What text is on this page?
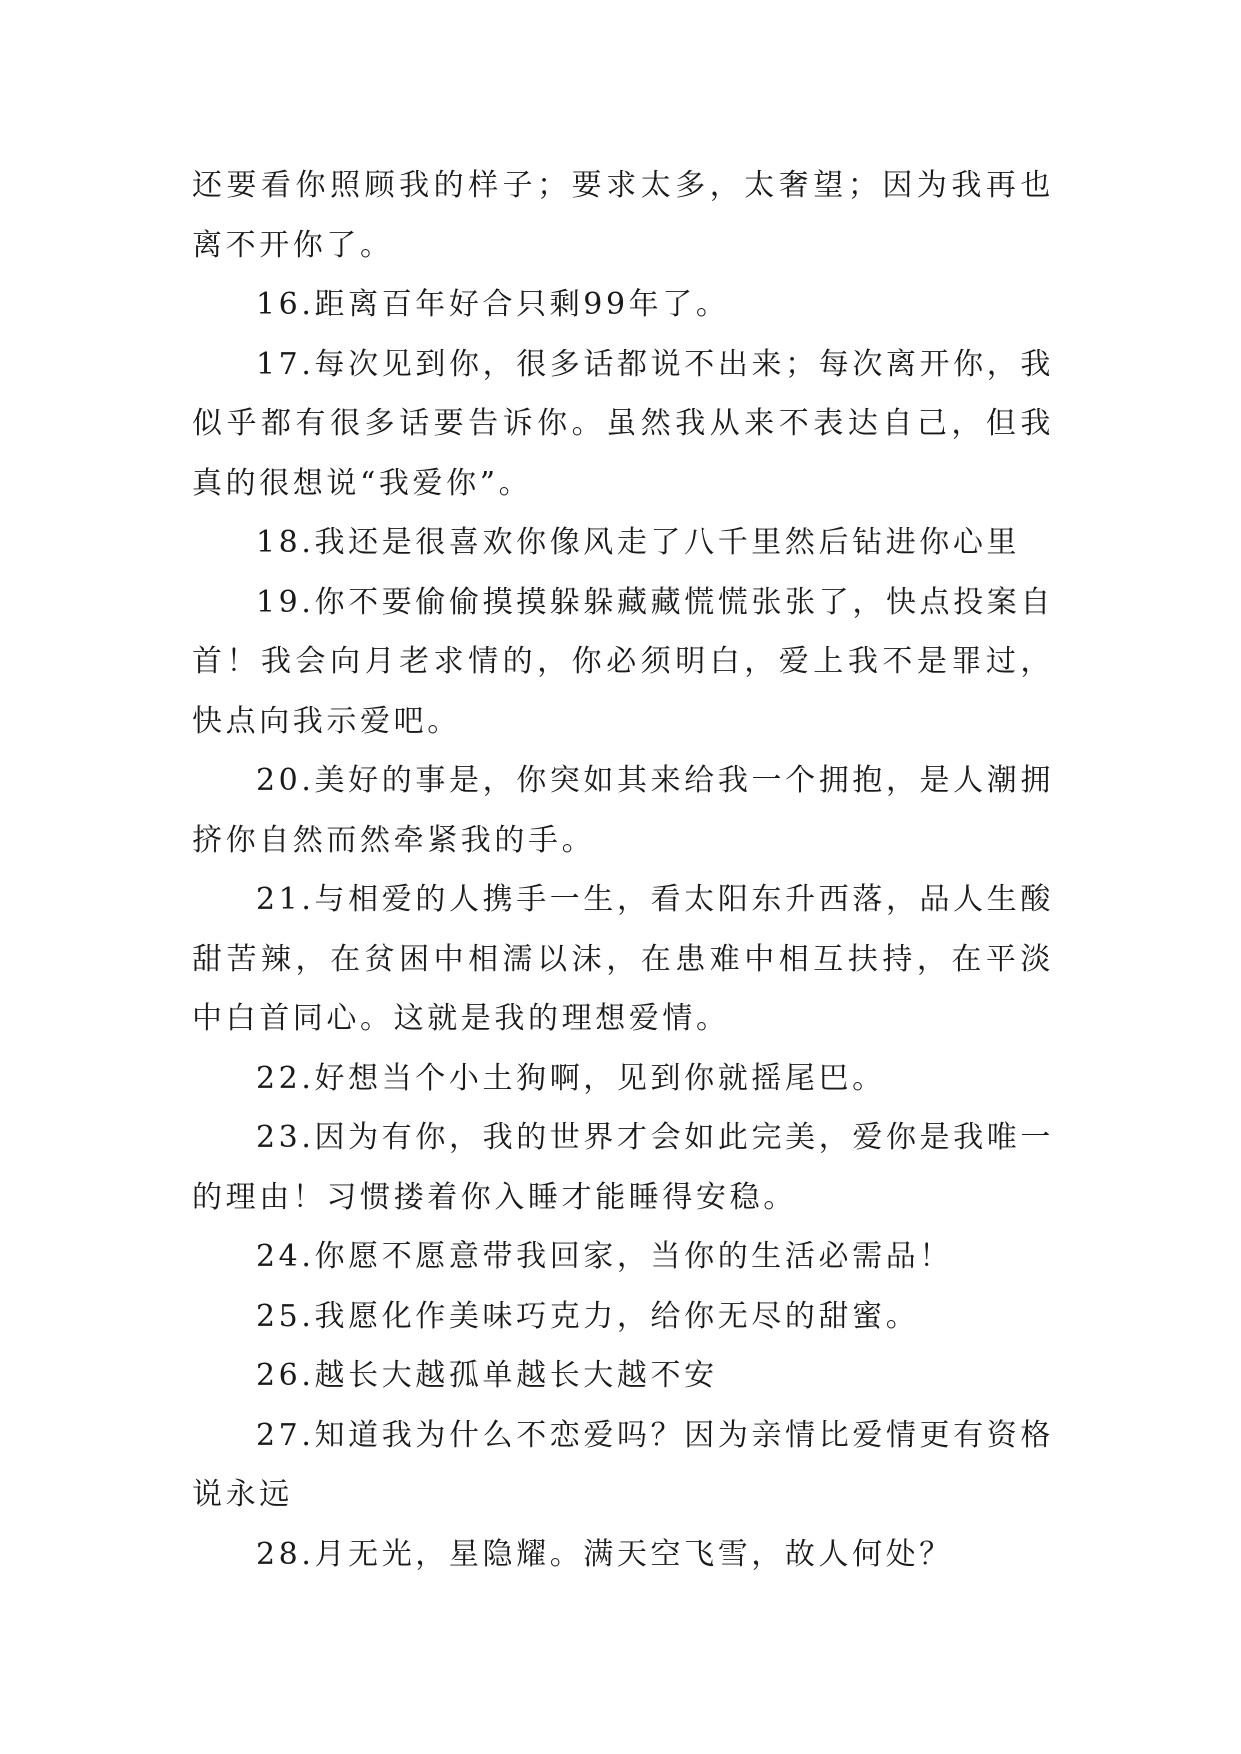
还要看你照顾我的样子；要求太多，太奢望；因为我再也离不开你了。

16.距离百年好合只剩99年了。

17.每次见到你，很多话都说不出来；每次离开你，我似乎都有很多话要告诉你。虽然我从来不表达自己，但我真的很想说“我爱你”。

18.我还是很喜欢你像风走了八千里然后钻进你心里

19.你不要偷偷摸摸躲躲藏藏慌慌张张了，快点投案自首！我会向月老求情的，你必须明白，爱上我不是罪过，快点向我示爱吧。

20.美好的事是，你突如其来给我一个拥抱，是人潮拥挤你自然而然牵紧我的手。

21.与相爱的人携手一生，看太阳东升西落，品人生酸甜苦辣，在贫困中相濡以沫，在患难中相互扶持，在平淡中白首同心。这就是我的理想爱情。

22.好想当个小土狗啊，见到你就摇尾巴。

23.因为有你，我的世界才会如此完美，爱你是我唯一的理由！习惯搂着你入睡才能睡得安稳。

24.你愿不愿意带我回家，当你的生活必需品！

25.我愿化作美味巧克力，给你无尽的甜蜜。

26.越长大越孤单越长大越不安

27.知道我为什么不恋爱吗？因为亲情比爱情更有资格说永远

28.月无光，星隐耀。满天空飞雪，故人何处？
